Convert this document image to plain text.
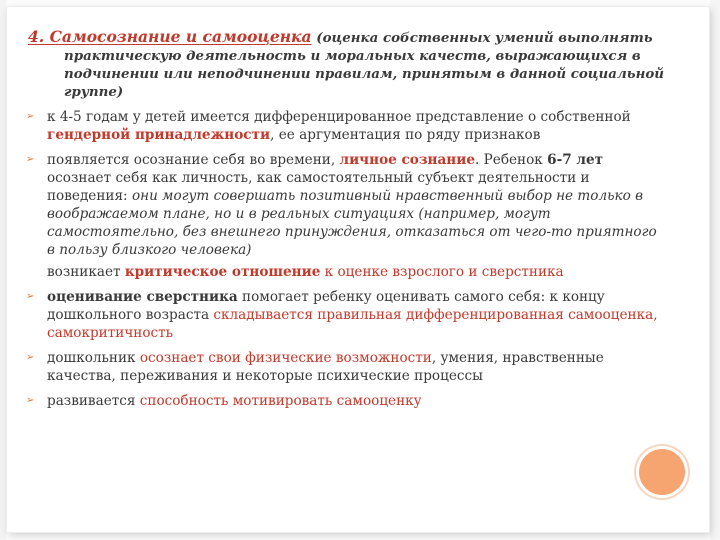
4. Самосознание и самооценка (оценка собственных умений выполнять
практическую деятельность и моральных качеств, выражающихся в
подчинении или неподчинении правилам, принятым в данной социальной
группе)
➢ к 4-5 годам у детей имеется дифференцированное представление о собственной гендерной принадлежности, ее аргументация по ряду признаков
➢ появляется осознание себя во времени, личное сознание. Ребенок 6-7 лет осознает себя как личность, как самостоятельный субъект деятельности и поведения: они могут совершать позитивный нравственный выбор не только в воображаемом плане, но и в реальных ситуациях (например, могут самостоятельно, без внешнего принуждения, отказаться от чего-то приятного в пользу близкого человека)
возникает критическое отношение к оценке взрослого и сверстника
➢ оценивание сверстника помогает ребенку оценивать самого себя: к концу дошкольного возраста складывается правильная дифференцированная самооценка, самокритичность
➢ дошкольник осознает свои физические возможности, умения, нравственные качества, переживания и некоторые психические процессы
➢ развивается способность мотивировать самооценку
